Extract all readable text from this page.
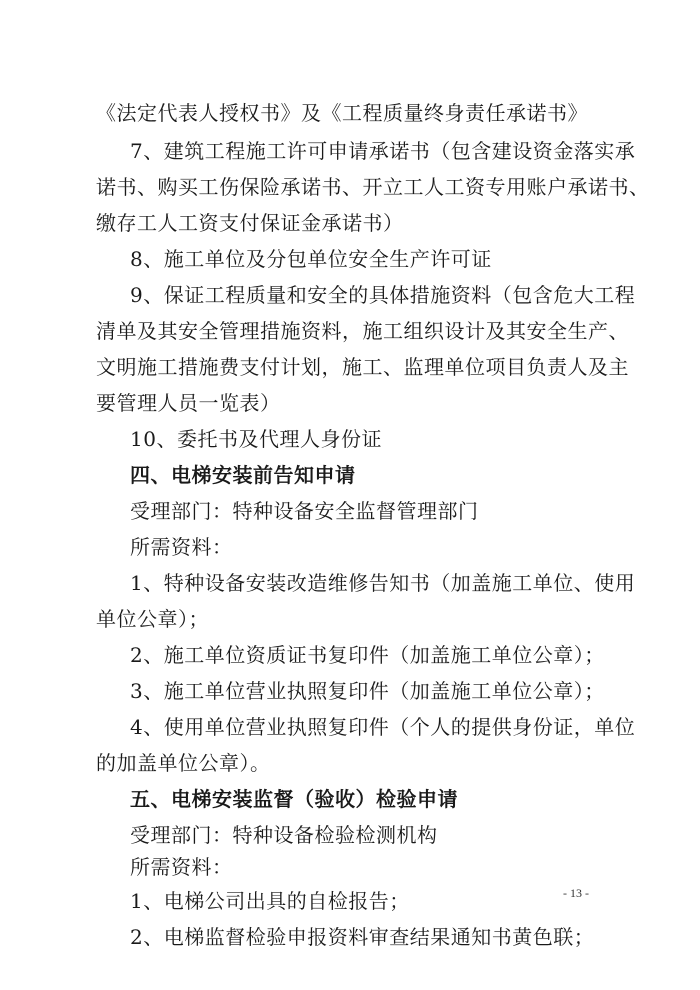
《法定代表人授权书》及《工程质量终身责任承诺书》
7、建筑工程施工许可申请承诺书（包含建设资金落实承
诺书、购买工伤保险承诺书、开立工人工资专用账户承诺书、
缴存工人工资支付保证金承诺书）
8、施工单位及分包单位安全生产许可证
9、保证工程质量和安全的具体措施资料（包含危大工程
清单及其安全管理措施资料，施工组织设计及其安全生产、
文明施工措施费支付计划，施工、监理单位项目负责人及主
要管理人员一览表）
10、委托书及代理人身份证
四、电梯安装前告知申请
受理部门：特种设备安全监督管理部门
所需资料：
1、特种设备安装改造维修告知书（加盖施工单位、使用
单位公章）；
2、施工单位资质证书复印件（加盖施工单位公章）；
3、施工单位营业执照复印件（加盖施工单位公章）；
4、使用单位营业执照复印件（个人的提供身份证，单位
的加盖单位公章）。
五、电梯安装监督（验收）检验申请
受理部门：特种设备检验检测机构
所需资料：
1、电梯公司出具的自检报告；
2、电梯监督检验申报资料审查结果通知书黄色联；
- 13 -
